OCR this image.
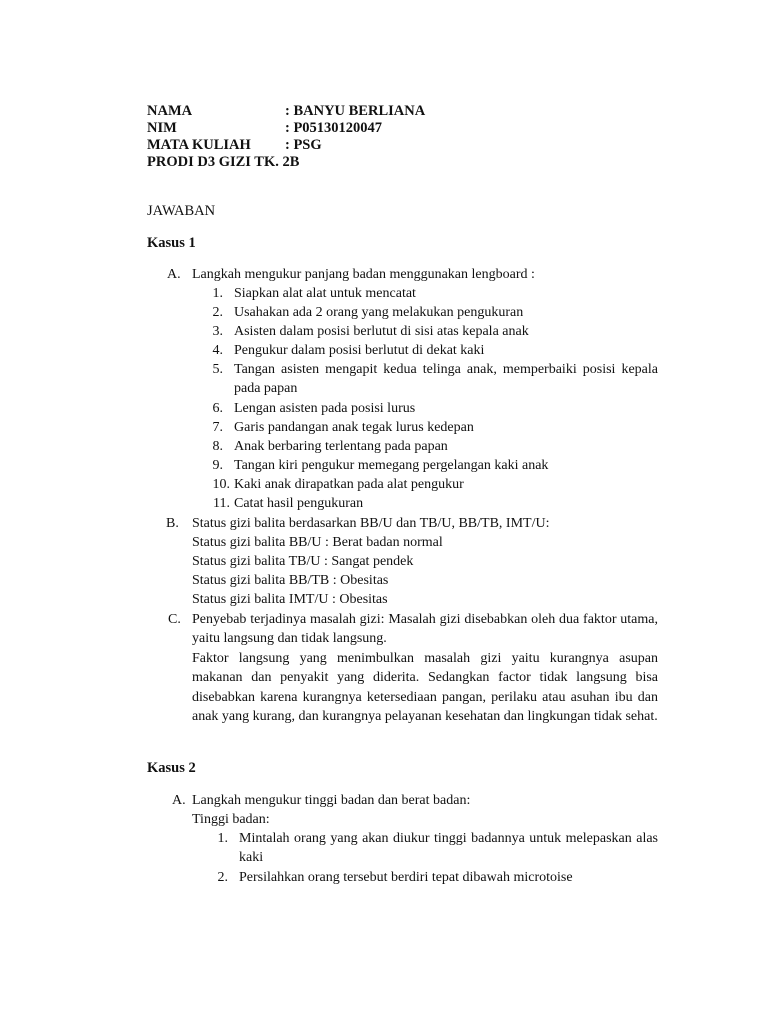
NAMA	: BANYU BERLIANA
NIM	: P05130120047
MATA KULIAH : PSG
PRODI D3 GIZI TK. 2B
JAWABAN
Kasus 1
A. Langkah mengukur panjang badan menggunakan lengboard :
1. Siapkan alat alat untuk mencatat
2. Usahakan ada 2 orang yang melakukan pengukuran
3. Asisten dalam posisi berlutut di sisi atas kepala anak
4. Pengukur dalam posisi berlutut di dekat kaki
5. Tangan asisten mengapit kedua telinga anak, memperbaiki posisi kepala pada papan
6. Lengan asisten pada posisi lurus
7. Garis pandangan anak tegak lurus kedepan
8. Anak berbaring terlentang pada papan
9. Tangan kiri pengukur memegang pergelangan kaki anak
10. Kaki anak dirapatkan pada alat pengukur
11. Catat hasil pengukuran
B. Status gizi balita berdasarkan BB/U dan TB/U, BB/TB, IMT/U:
Status gizi balita BB/U : Berat badan normal
Status gizi balita TB/U : Sangat pendek
Status gizi balita BB/TB : Obesitas
Status gizi balita IMT/U : Obesitas
C. Penyebab terjadinya masalah gizi: Masalah gizi disebabkan oleh dua faktor utama, yaitu langsung dan tidak langsung.
Faktor langsung yang menimbulkan masalah gizi yaitu kurangnya asupan makanan dan penyakit yang diderita. Sedangkan factor tidak langsung bisa disebabkan karena kurangnya ketersediaan pangan, perilaku atau asuhan ibu dan anak yang kurang, dan kurangnya pelayanan kesehatan dan lingkungan tidak sehat.
Kasus 2
A. Langkah mengukur tinggi badan dan berat badan:
Tinggi badan:
1. Mintalah orang yang akan diukur tinggi badannya untuk melepaskan alas kaki
2. Persilahkan orang tersebut berdiri tepat dibawah microtoise
